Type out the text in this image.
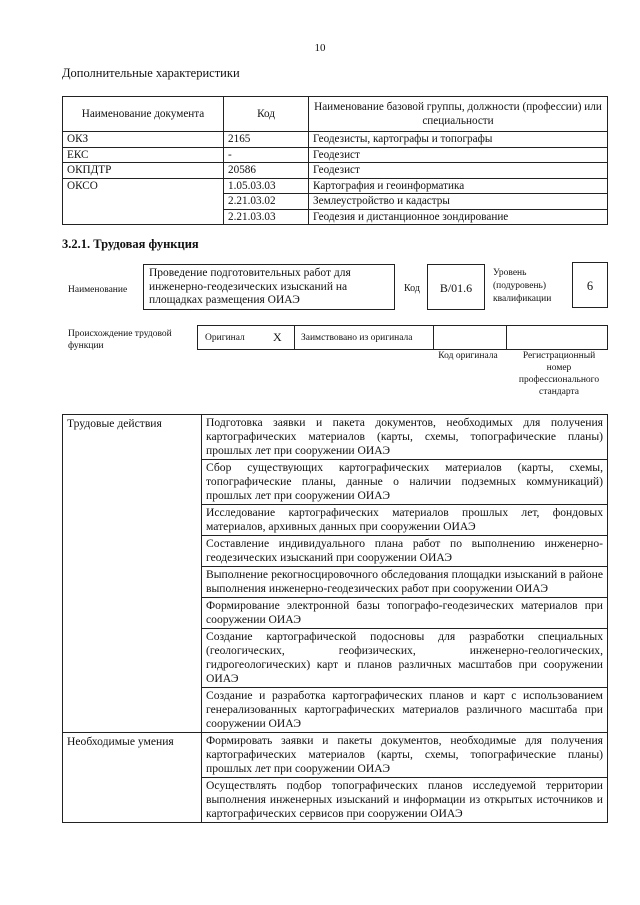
10
Дополнительные характеристики
Наименование документа	Код	Наименование базовой группы, должности (профессии) или специальности
ОКЗ	2165	Геодезисты, картографы и топографы
ЕКС	-	Геодезист
ОКПДТР	20586	Геодезист
ОКСО	1.05.03.03	Картография и геоинформатика
	2.21.03.02	Землеустройство и кадастры
	2.21.03.03	Геодезия и дистанционное зондирование
3.2.1. Трудовая функция
Наименование
Проведение подготовительных работ для инженерно-геодезических изысканий на площадках размещения ОИАЭ
Код	B/01.6
Уровень (подуровень) квалификации
6
Происхождение трудовой функции
Оригинал X Заимствовано из оригинала
Код оригинала	Регистрационный номер профессионального стандарта
Трудовые действия	Подготовка заявки и пакета документов, необходимых для получения картографических материалов (карты, схемы, топографические планы) прошлых лет при сооружении ОИАЭ
	Сбор существующих картографических материалов (карты, схемы, топографические планы, данные о наличии подземных коммуникаций) прошлых лет при сооружении ОИАЭ
	Исследование картографических материалов прошлых лет, фондовых материалов, архивных данных при сооружении ОИАЭ
	Составление индивидуального плана работ по выполнению инженерно-геодезических изысканий при сооружении ОИАЭ
	Выполнение рекогносцировочного обследования площадки изысканий в районе выполнения инженерно-геодезических работ при сооружении ОИАЭ
	Формирование электронной базы топографо-геодезических материалов при сооружении ОИАЭ
	Создание картографической подосновы для разработки специальных (геологических, геофизических, инженерно-геологических, гидрогеологических) карт и планов различных масштабов при сооружении ОИАЭ
	Создание и разработка картографических планов и карт с использованием генерализованных картографических материалов различного масштаба при сооружении ОИАЭ
Необходимые умения	Формировать заявки и пакеты документов, необходимые для получения картографических материалов (карты, схемы, топографические планы) прошлых лет при сооружении ОИАЭ
	Осуществлять подбор топографических планов исследуемой территории выполнения инженерных изысканий и информации из открытых источников и картографических сервисов при сооружении ОИАЭ
